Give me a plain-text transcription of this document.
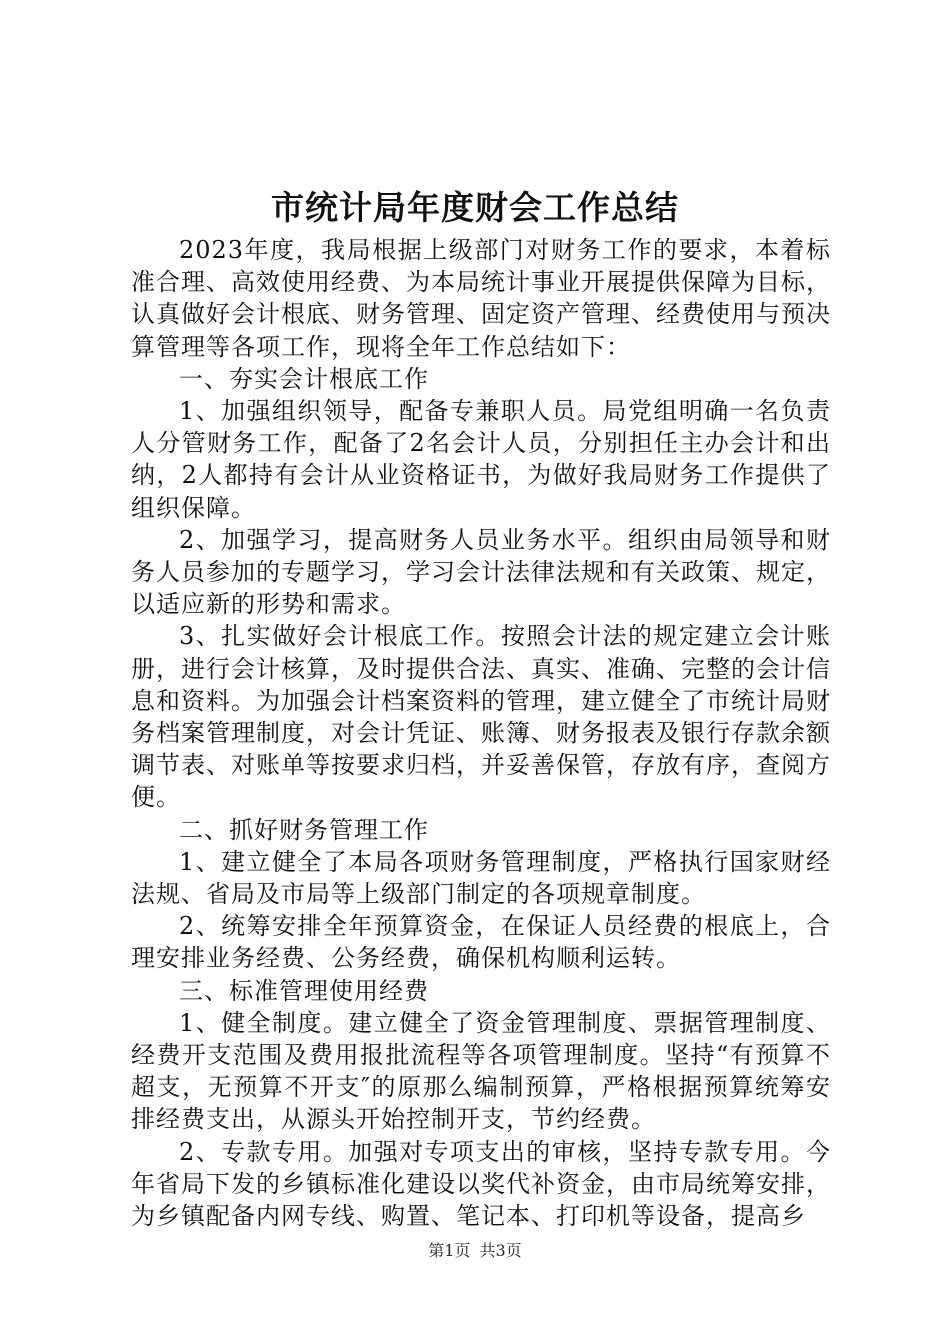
市统计局年度财会工作总结

2023年度，我局根据上级部门对财务工作的要求，本着标准合理、高效使用经费、为本局统计事业开展提供保障为目标，认真做好会计根底、财务管理、固定资产管理、经费使用与预决算管理等各项工作，现将全年工作总结如下：

一、夯实会计根底工作

1、加强组织领导，配备专兼职人员。局党组明确一名负责人分管财务工作，配备了2名会计人员，分别担任主办会计和出纳，2人都持有会计从业资格证书，为做好我局财务工作提供了组织保障。

2、加强学习，提高财务人员业务水平。组织由局领导和财务人员参加的专题学习，学习会计法律法规和有关政策、规定，以适应新的形势和需求。

3、扎实做好会计根底工作。按照会计法的规定建立会计账册，进行会计核算，及时提供合法、真实、准确、完整的会计信息和资料。为加强会计档案资料的管理，建立健全了市统计局财务档案管理制度，对会计凭证、账簿、财务报表及银行存款余额调节表、对账单等按要求归档，并妥善保管，存放有序，查阅方便。

二、抓好财务管理工作

1、建立健全了本局各项财务管理制度，严格执行国家财经法规、省局及市局等上级部门制定的各项规章制度。

2、统筹安排全年预算资金，在保证人员经费的根底上，合理安排业务经费、公务经费，确保机构顺利运转。

三、标准管理使用经费

1、健全制度。建立健全了资金管理制度、票据管理制度、经费开支范围及费用报批流程等各项管理制度。坚持“有预算不超支，无预算不开支″的原那么编制预算，严格根据预算统筹安排经费支出，从源头开始控制开支，节约经费。

2、专款专用。加强对专项支出的审核，坚持专款专用。今年省局下发的乡镇标准化建设以奖代补资金，由市局统筹安排，为乡镇配备内网专线、购置、笔记本、打印机等设备，提高乡

第1页 共3页
